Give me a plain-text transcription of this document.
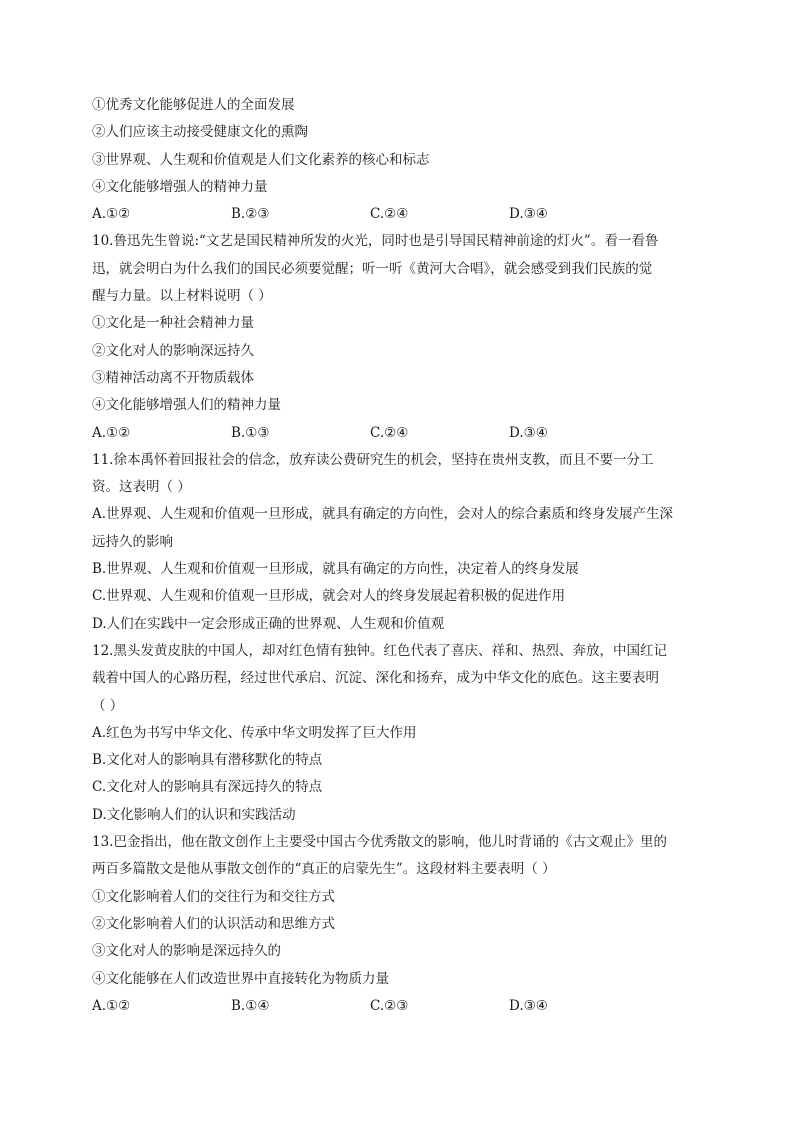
①优秀文化能够促进人的全面发展
②人们应该主动接受健康文化的熏陶
③世界观、人生观和价值观是人们文化素养的核心和标志
④文化能够增强人的精神力量
A.①②	B.②③	C.②④	D.③④
10.鲁迅先生曾说:“文艺是国民精神所发的火光，同时也是引导国民精神前途的灯火”。看一看鲁
迅，就会明白为什么我们的国民必须要觉醒；听一听《黄河大合唱》，就会感受到我们民族的觉
醒与力量。以上材料说明（ ）
①文化是一种社会精神力量
②文化对人的影响深远持久
③精神活动离不开物质载体
④文化能够增强人们的精神力量
A.①②	B.①③	C.②④	D.③④
11.徐本禹怀着回报社会的信念，放弃读公费研究生的机会，坚持在贵州支教，而且不要一分工
资。这表明（ ）
A.世界观、人生观和价值观一旦形成，就具有确定的方向性，会对人的综合素质和终身发展产生深
远持久的影响
B.世界观、人生观和价值观一旦形成，就具有确定的方向性，决定着人的终身发展
C.世界观、人生观和价值观一旦形成，就会对人的终身发展起着积极的促进作用
D.人们在实践中一定会形成正确的世界观、人生观和价值观
12.黑头发黄皮肤的中国人，却对红色情有独钟。红色代表了喜庆、祥和、热烈、奔放，中国红记
载着中国人的心路历程，经过世代承启、沉淀、深化和扬弃，成为中华文化的底色。这主要表明
（ ）
A.红色为书写中华文化、传承中华文明发挥了巨大作用
B.文化对人的影响具有潜移默化的特点
C.文化对人的影响具有深远持久的特点
D.文化影响人们的认识和实践活动
13.巴金指出，他在散文创作上主要受中国古今优秀散文的影响，他儿时背诵的《古文观止》里的
两百多篇散文是他从事散文创作的“真正的启蒙先生”。这段材料主要表明（ ）
①文化影响着人们的交往行为和交往方式
②文化影响着人们的认识活动和思维方式
③文化对人的影响是深远持久的
④文化能够在人们改造世界中直接转化为物质力量
A.①②	B.①④	C.②③	D.③④
